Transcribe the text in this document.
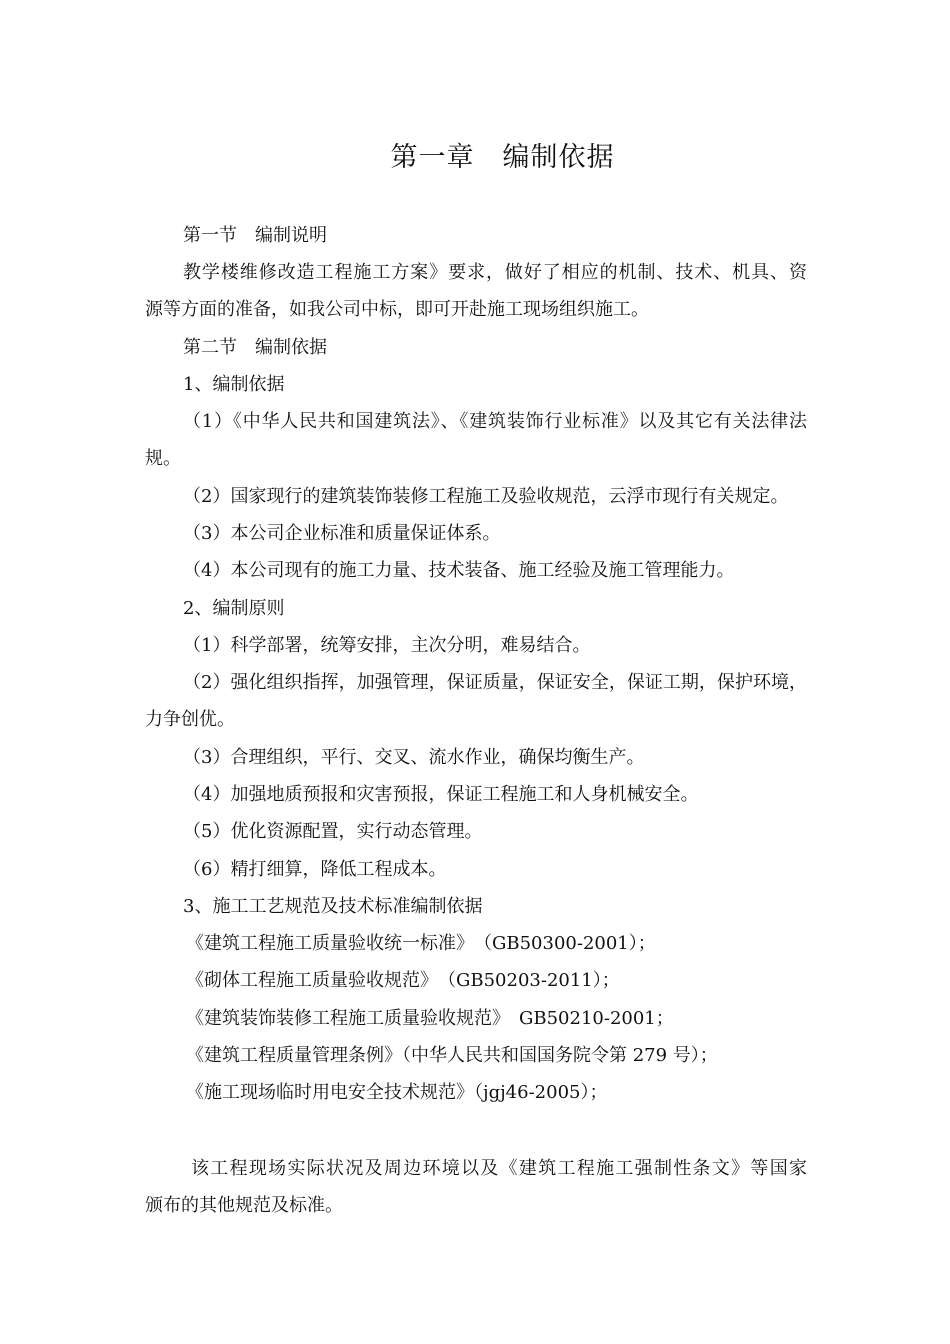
第一章　编制依据
第一节　编制说明
教学楼维修改造工程施工方案》要求，做好了相应的机制、技术、机具、资
源等方面的准备，如我公司中标，即可开赴施工现场组织施工。
第二节　编制依据
1、编制依据
（1）《中华人民共和国建筑法》、《建筑装饰行业标准》以及其它有关法律法
规。
（2）国家现行的建筑装饰装修工程施工及验收规范，云浮市现行有关规定。
（3）本公司企业标准和质量保证体系。
（4）本公司现有的施工力量、技术装备、施工经验及施工管理能力。
2、编制原则
（1）科学部署，统筹安排，主次分明，难易结合。
（2）强化组织指挥，加强管理，保证质量，保证安全，保证工期，保护环境，
力争创优。
（3）合理组织，平行、交叉、流水作业，确保均衡生产。
（4）加强地质预报和灾害预报，保证工程施工和人身机械安全。
（5）优化资源配置，实行动态管理。
（6）精打细算，降低工程成本。
3、施工工艺规范及技术标准编制依据
《建筑工程施工质量验收统一标准》　（GB50300-2001）；
《砌体工程施工质量验收规范》　（GB50203-2011）；
《建筑装饰装修工程施工质量验收规范》　GB50210-2001；
《建筑工程质量管理条例》（中华人民共和国国务院令第 279 号）；
《施工现场临时用电安全技术规范》（jgj46-2005）；
该工程现场实际状况及周边环境以及《建筑工程施工强制性条文》等国家
颁布的其他规范及标准。
